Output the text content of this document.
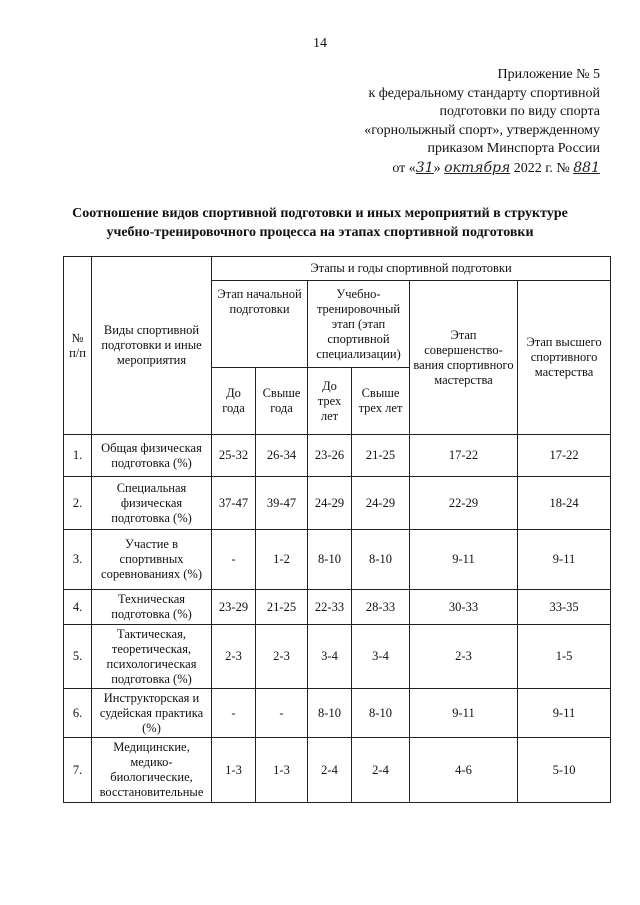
14
Приложение № 5
к федеральному стандарту спортивной
подготовки по виду спорта
«горнолыжный спорт», утвержденному
приказом Минспорта России
от «31» октября 2022 г. № 881
Соотношение видов спортивной подготовки и иных мероприятий в структуре
учебно-тренировочного процесса на этапах спортивной подготовки
№ п/п	Виды спортивной подготовки и иные мероприятия	Этапы и годы спортивной подготовки					
		Этап начальной подготовки		Учебно-тренировочный этап (этап спортивной специализации)		Этап совершенство-вания спортивного мастерства	Этап высшего спортивного мастерства
		До года	Свыше года	До трех лет	Свыше трех лет		
1.	Общая физическая подготовка (%)	25-32	26-34	23-26	21-25	17-22	17-22
2.	Специальная физическая подготовка (%)	37-47	39-47	24-29	24-29	22-29	18-24
3.	Участие в спортивных соревнованиях (%)	-	1-2	8-10	8-10	9-11	9-11
4.	Техническая подготовка (%)	23-29	21-25	22-33	28-33	30-33	33-35
5.	Тактическая, теоретическая, психологическая подготовка (%)	2-3	2-3	3-4	3-4	2-3	1-5
6.	Инструкторская и судейская практика (%)	-	-	8-10	8-10	9-11	9-11
7.	Медицинские, медико-биологические, восстановительные	1-3	1-3	2-4	2-4	4-6	5-10
